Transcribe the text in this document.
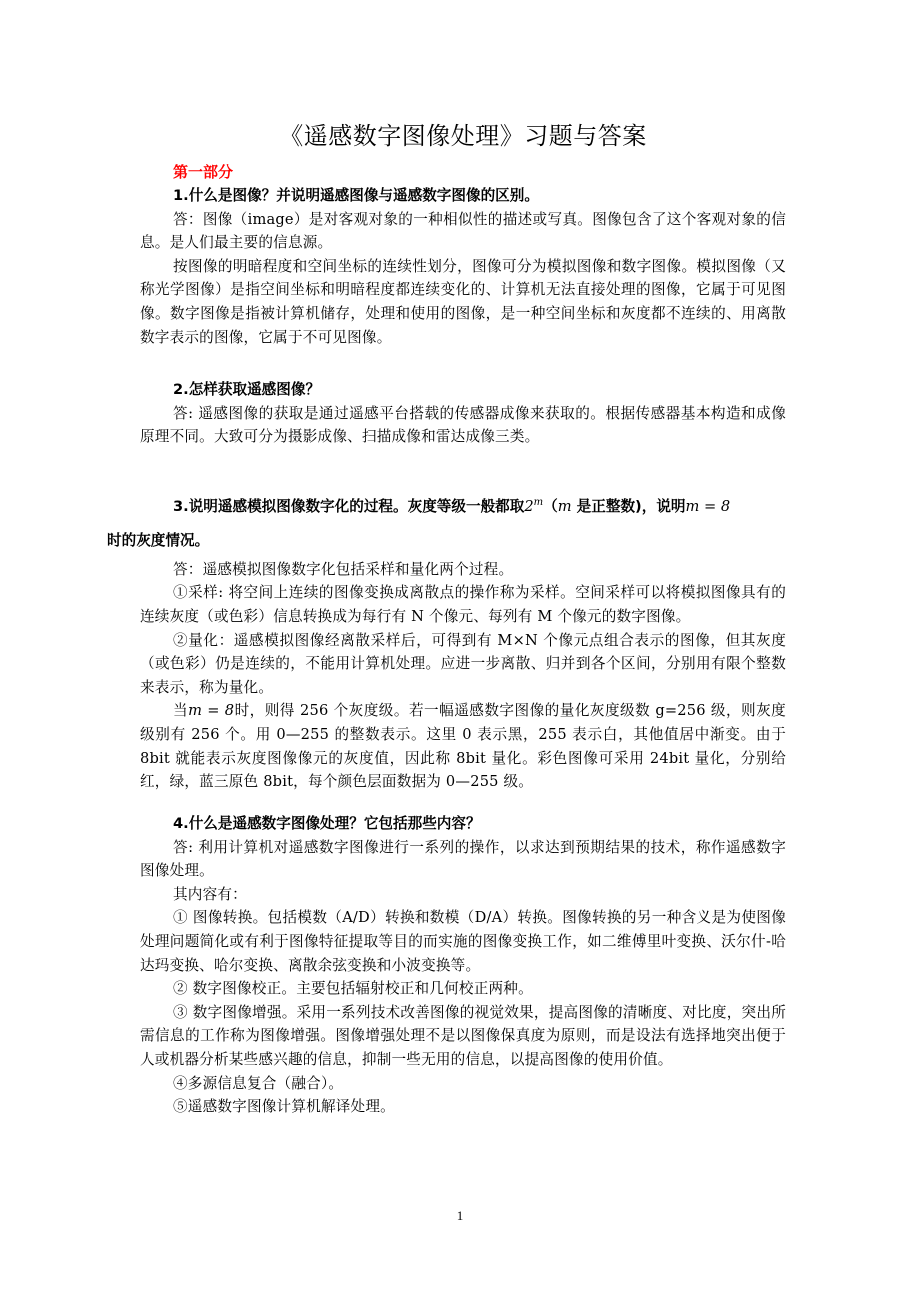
《遥感数字图像处理》习题与答案

第一部分

1.什么是图像？并说明遥感图像与遥感数字图像的区别。

答：图像（image）是对客观对象的一种相似性的描述或写真。图像包含了这个客观对象的信息。是人们最主要的信息源。

按图像的明暗程度和空间坐标的连续性划分，图像可分为模拟图像和数字图像。模拟图像（又称光学图像）是指空间坐标和明暗程度都连续变化的、计算机无法直接处理的图像，它属于可见图像。数字图像是指被计算机储存，处理和使用的图像，是一种空间坐标和灰度都不连续的、用离散数字表示的图像，它属于不可见图像。

2.怎样获取遥感图像？

答: 遥感图像的获取是通过遥感平台搭载的传感器成像来获取的。根据传感器基本构造和成像原理不同。大致可分为摄影成像、扫描成像和雷达成像三类。

3.说明遥感模拟图像数字化的过程。灰度等级一般都取2$^m$（m 是正整数)，说明m = 8
时的灰度情况。

答：遥感模拟图像数字化包括采样和量化两个过程。

①采样: 将空间上连续的图像变换成离散点的操作称为采样。空间采样可以将模拟图像具有的连续灰度（或色彩）信息转换成为每行有 N 个像元、每列有 M 个像元的数字图像。

②量化：遥感模拟图像经离散采样后，可得到有 M×N 个像元点组合表示的图像，但其灰度（或色彩）仍是连续的，不能用计算机处理。应进一步离散、归并到各个区间，分别用有限个整数来表示，称为量化。

当m = 8时，则得 256 个灰度级。若一幅遥感数字图像的量化灰度级数 g=256 级，则灰度级别有 256 个。用 0—255 的整数表示。这里 0 表示黑，255 表示白，其他值居中渐变。由于 8bit 就能表示灰度图像像元的灰度值，因此称 8bit 量化。彩色图像可采用 24bit 量化，分别给红，绿，蓝三原色 8bit，每个颜色层面数据为 0—255 级。

4.什么是遥感数字图像处理？它包括那些内容？

答: 利用计算机对遥感数字图像进行一系列的操作，以求达到预期结果的技术，称作遥感数字图像处理。

其内容有：

① 图像转换。包括模数（A/D）转换和数模（D/A）转换。图像转换的另一种含义是为使图像处理问题简化或有利于图像特征提取等目的而实施的图像变换工作，如二维傅里叶变换、沃尔什-哈达玛变换、哈尔变换、离散余弦变换和小波变换等。

② 数字图像校正。主要包括辐射校正和几何校正两种。

③ 数字图像增强。采用一系列技术改善图像的视觉效果，提高图像的清晰度、对比度，突出所需信息的工作称为图像增强。图像增强处理不是以图像保真度为原则，而是设法有选择地突出便于人或机器分析某些感兴趣的信息，抑制一些无用的信息，以提高图像的使用价值。

④多源信息复合（融合）。

⑤遥感数字图像计算机解译处理。

1
